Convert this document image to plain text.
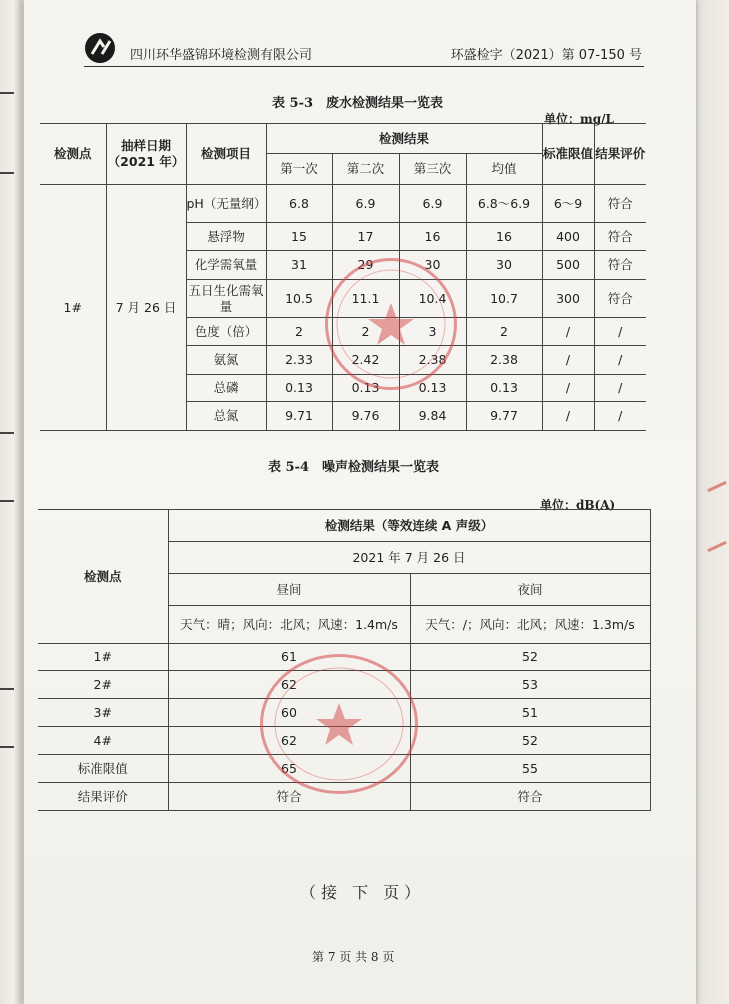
四川环华盛锦环境检测有限公司	环盛检字（2021）第 07-150 号
表 5-3　废水检测结果一览表
单位：mg/L
检测点	抽样日期（2021 年）	检测项目	检测结果				标准限值	结果评价
			第一次	第二次	第三次	均值		
1#	7 月 26 日	pH（无量纲）	6.8	6.9	6.9	6.8～6.9	6～9	符合
		悬浮物	15	17	16	16	400	符合
		化学需氧量	31	29	30	30	500	符合
		五日生化需氧量	10.5	11.1	10.4	10.7	300	符合
		色度（倍）	2	2	3	2	/	/
		氨氮	2.33	2.42	2.38	2.38	/	/
		总磷	0.13	0.13	0.13	0.13	/	/
		总氮	9.71	9.76	9.84	9.77	/	/
表 5-4　噪声检测结果一览表
单位：dB(A)
检测点	检测结果（等效连续 A 声级）	
	2021 年 7 月 26 日	
	昼间	夜间
	天气：晴；风向：北风；风速：1.4m/s	天气：/；风向：北风；风速：1.3m/s
1#	61	52
2#	62	53
3#	60	51
4#	62	52
标准限值	65	55
结果评价	符合	符合
（接 下 页）
第 7 页 共 8 页
